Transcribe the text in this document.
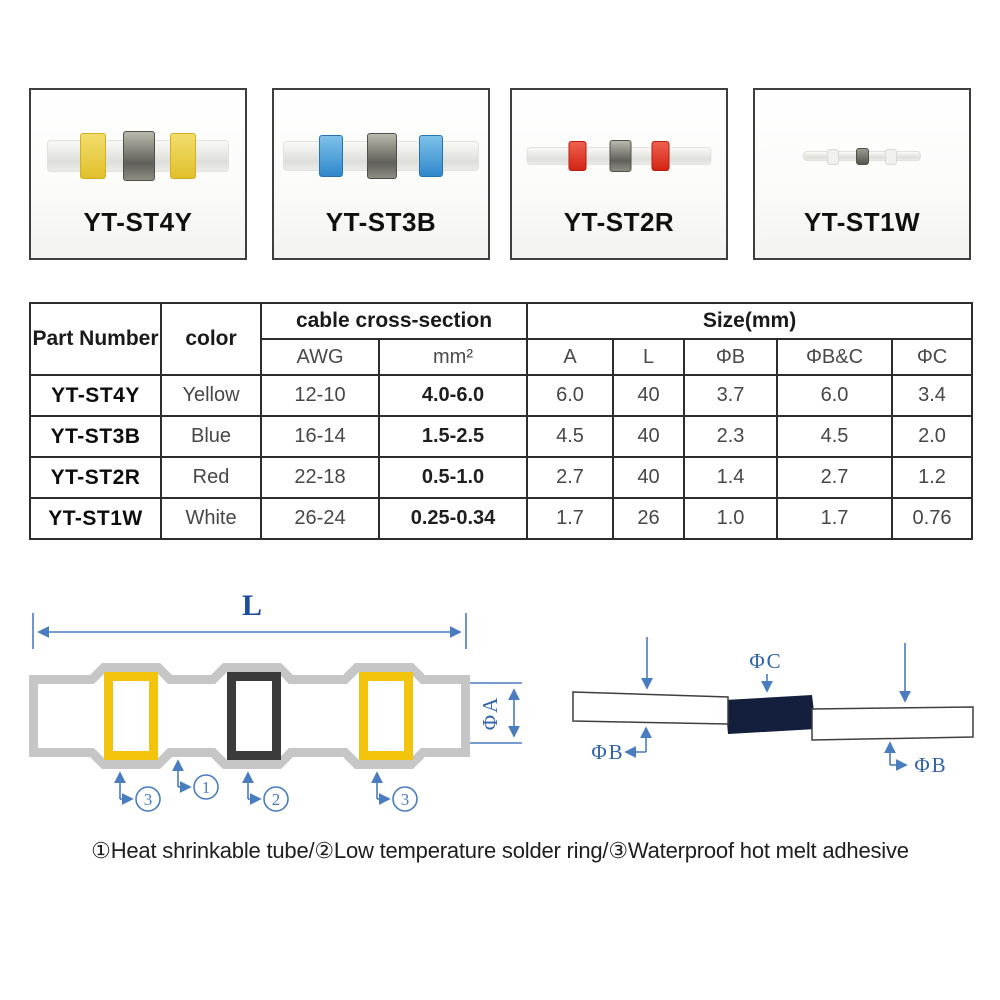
YT-ST4Y	YT-ST3B	YT-ST2R	YT-ST1W
Part Number	color	cable cross-section		Size(mm)				
		AWG	mm²	A	L	ΦB	ΦB&C	ΦC
YT-ST4Y	Yellow	12-10	4.0-6.0	6.0	40	3.7	6.0	3.4
YT-ST3B	Blue	16-14	1.5-2.5	4.5	40	2.3	4.5	2.0
YT-ST2R	Red	22-18	0.5-1.0	2.7	40	1.4	2.7	1.2
YT-ST1W	White	26-24	0.25-0.34	1.7	26	1.0	1.7	0.76
L
ΦA
3
1
2	3
ΦC
ΦB
ΦB
①Heat shrinkable tube/②Low temperature solder ring/③Waterproof hot melt adhesive
